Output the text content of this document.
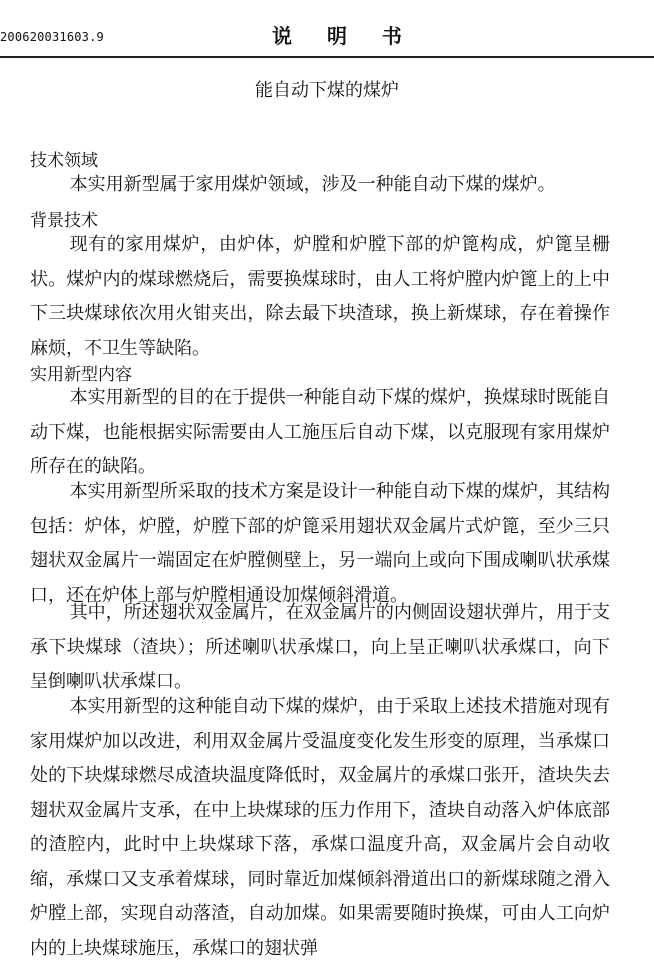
200620031603.9	说 明 书
能自动下煤的煤炉
技术领域

本实用新型属于家用煤炉领域，涉及一种能自动下煤的煤炉。

背景技术

现有的家用煤炉，由炉体，炉膛和炉膛下部的炉篦构成，炉篦呈栅状。煤炉内的煤球燃烧后，需要换煤球时，由人工将炉膛内炉篦上的上中下三块煤球依次用火钳夹出，除去最下块渣球，换上新煤球，存在着操作麻烦，不卫生等缺陷。

实用新型内容

本实用新型的目的在于提供一种能自动下煤的煤炉，换煤球时既能自动下煤，也能根据实际需要由人工施压后自动下煤，以克服现有家用煤炉所存在的缺陷。

本实用新型所采取的技术方案是设计一种能自动下煤的煤炉，其结构包括：炉体，炉膛，炉膛下部的炉篦采用翅状双金属片式炉篦，至少三只翅状双金属片一端固定在炉膛侧壁上，另一端向上或向下围成喇叭状承煤口，还在炉体上部与炉膛相通设加煤倾斜滑道。

其中，所述翅状双金属片，在双金属片的内侧固设翅状弹片，用于支承下块煤球（渣块）；所述喇叭状承煤口，向上呈正喇叭状承煤口，向下呈倒喇叭状承煤口。

本实用新型的这种能自动下煤的煤炉，由于采取上述技术措施对现有家用煤炉加以改进，利用双金属片受温度变化发生形变的原理，当承煤口处的下块煤球燃尽成渣块温度降低时，双金属片的承煤口张开，渣块失去翅状双金属片支承，在中上块煤球的压力作用下，渣块自动落入炉体底部的渣腔内，此时中上块煤球下落，承煤口温度升高，双金属片会自动收缩，承煤口又支承着煤球，同时靠近加煤倾斜滑道出口的新煤球随之滑入炉膛上部，实现自动落渣，自动加煤。如果需要随时换煤，可由人工向炉内的上块煤球施压，承煤口的翅状弹
